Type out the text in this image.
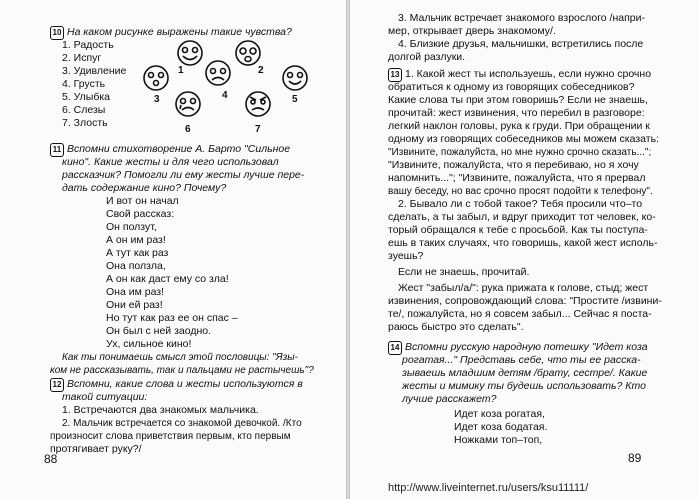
10 На каком рисунке выражены такие чувства?
1. Радость
2. Испуг
3. Удивление
4. Грусть
5. Улыбка
6. Слезы
7. Злость
1	2
3	4	5
6	7
11 Вспомни стихотворение А. Барто "Сильное
кино". Какие жесты и для чего использовал
рассказчик? Помогли ли ему жесты лучше пере-
дать содержание кино? Почему?
И вот он начал
Свой рассказ:
Он ползут,
А он им раз!
А тут как раз
Она ползла,
А он как даст ему со зла!
Она им раз!
Они ей раз!
Но тут как раз ее он спас –
Он был с ней заодно.
Ух, сильное кино!
Как ты понимаешь смысл этой пословицы: "Язы-
ком не рассказывать, так и пальцами не растычешь"?
12 Вспомни, какие слова и жесты используются в
такой ситуации:
1. Встречаются два знакомых мальчика.
2. Мальчик встречается со знакомой девочкой. /Кто
произносит слова приветствия первым, кто первым
протягивает руку?/
88
3. Мальчик встречает знакомого взрослого /напри-
мер, открывает дверь знакомому/.
4. Близкие друзья, мальчишки, встретились после
долгой разлуки.
13 1. Какой жест ты используешь, если нужно срочно
обратиться к одному из говорящих собеседников?
Какие слова ты при этом говоришь? Если не знаешь,
прочитай: жест извинения, что перебил в разговоре:
легкий наклон головы, рука к груди. При обращении к
одному из говорящих собеседников мы можем сказать:
"Извините, пожалуйста, но мне нужно срочно сказать...";
"Извините, пожалуйста, что я перебиваю, но я хочу
напомнить..."; "Извините, пожалуйста, что я прервал
вашу беседу, но вас срочно просят подойти к телефону".
2. Бывало ли с тобой такое? Тебя просили что–то
сделать, а ты забыл, и вдруг приходит тот человек, ко-
торый обращался к тебе с просьбой. Как ты поступа-
ешь в таких случаях, что говоришь, какой жест исполь-
зуешь?
Если не знаешь, прочитай.
Жест "забыл/а/": рука прижата к голове, стыд; жест
извинения, сопровождающий слова: "Простите /извини-
те/, пожалуйста, но я совсем забыл... Сейчас я поста-
раюсь быстро это сделать".
14 Вспомни русскую народную потешку "Идет коза
рогатая..." Представь себе, что ты ее расска-
зываешь младшим детям /брату, сестре/. Какие
жесты и мимику ты будешь использовать? Кто
лучше расскажет?
Идет коза рогатая,
Идет коза бодатая.
Ножками топ–топ,
89
http://www.liveinternet.ru/users/ksu11111/
